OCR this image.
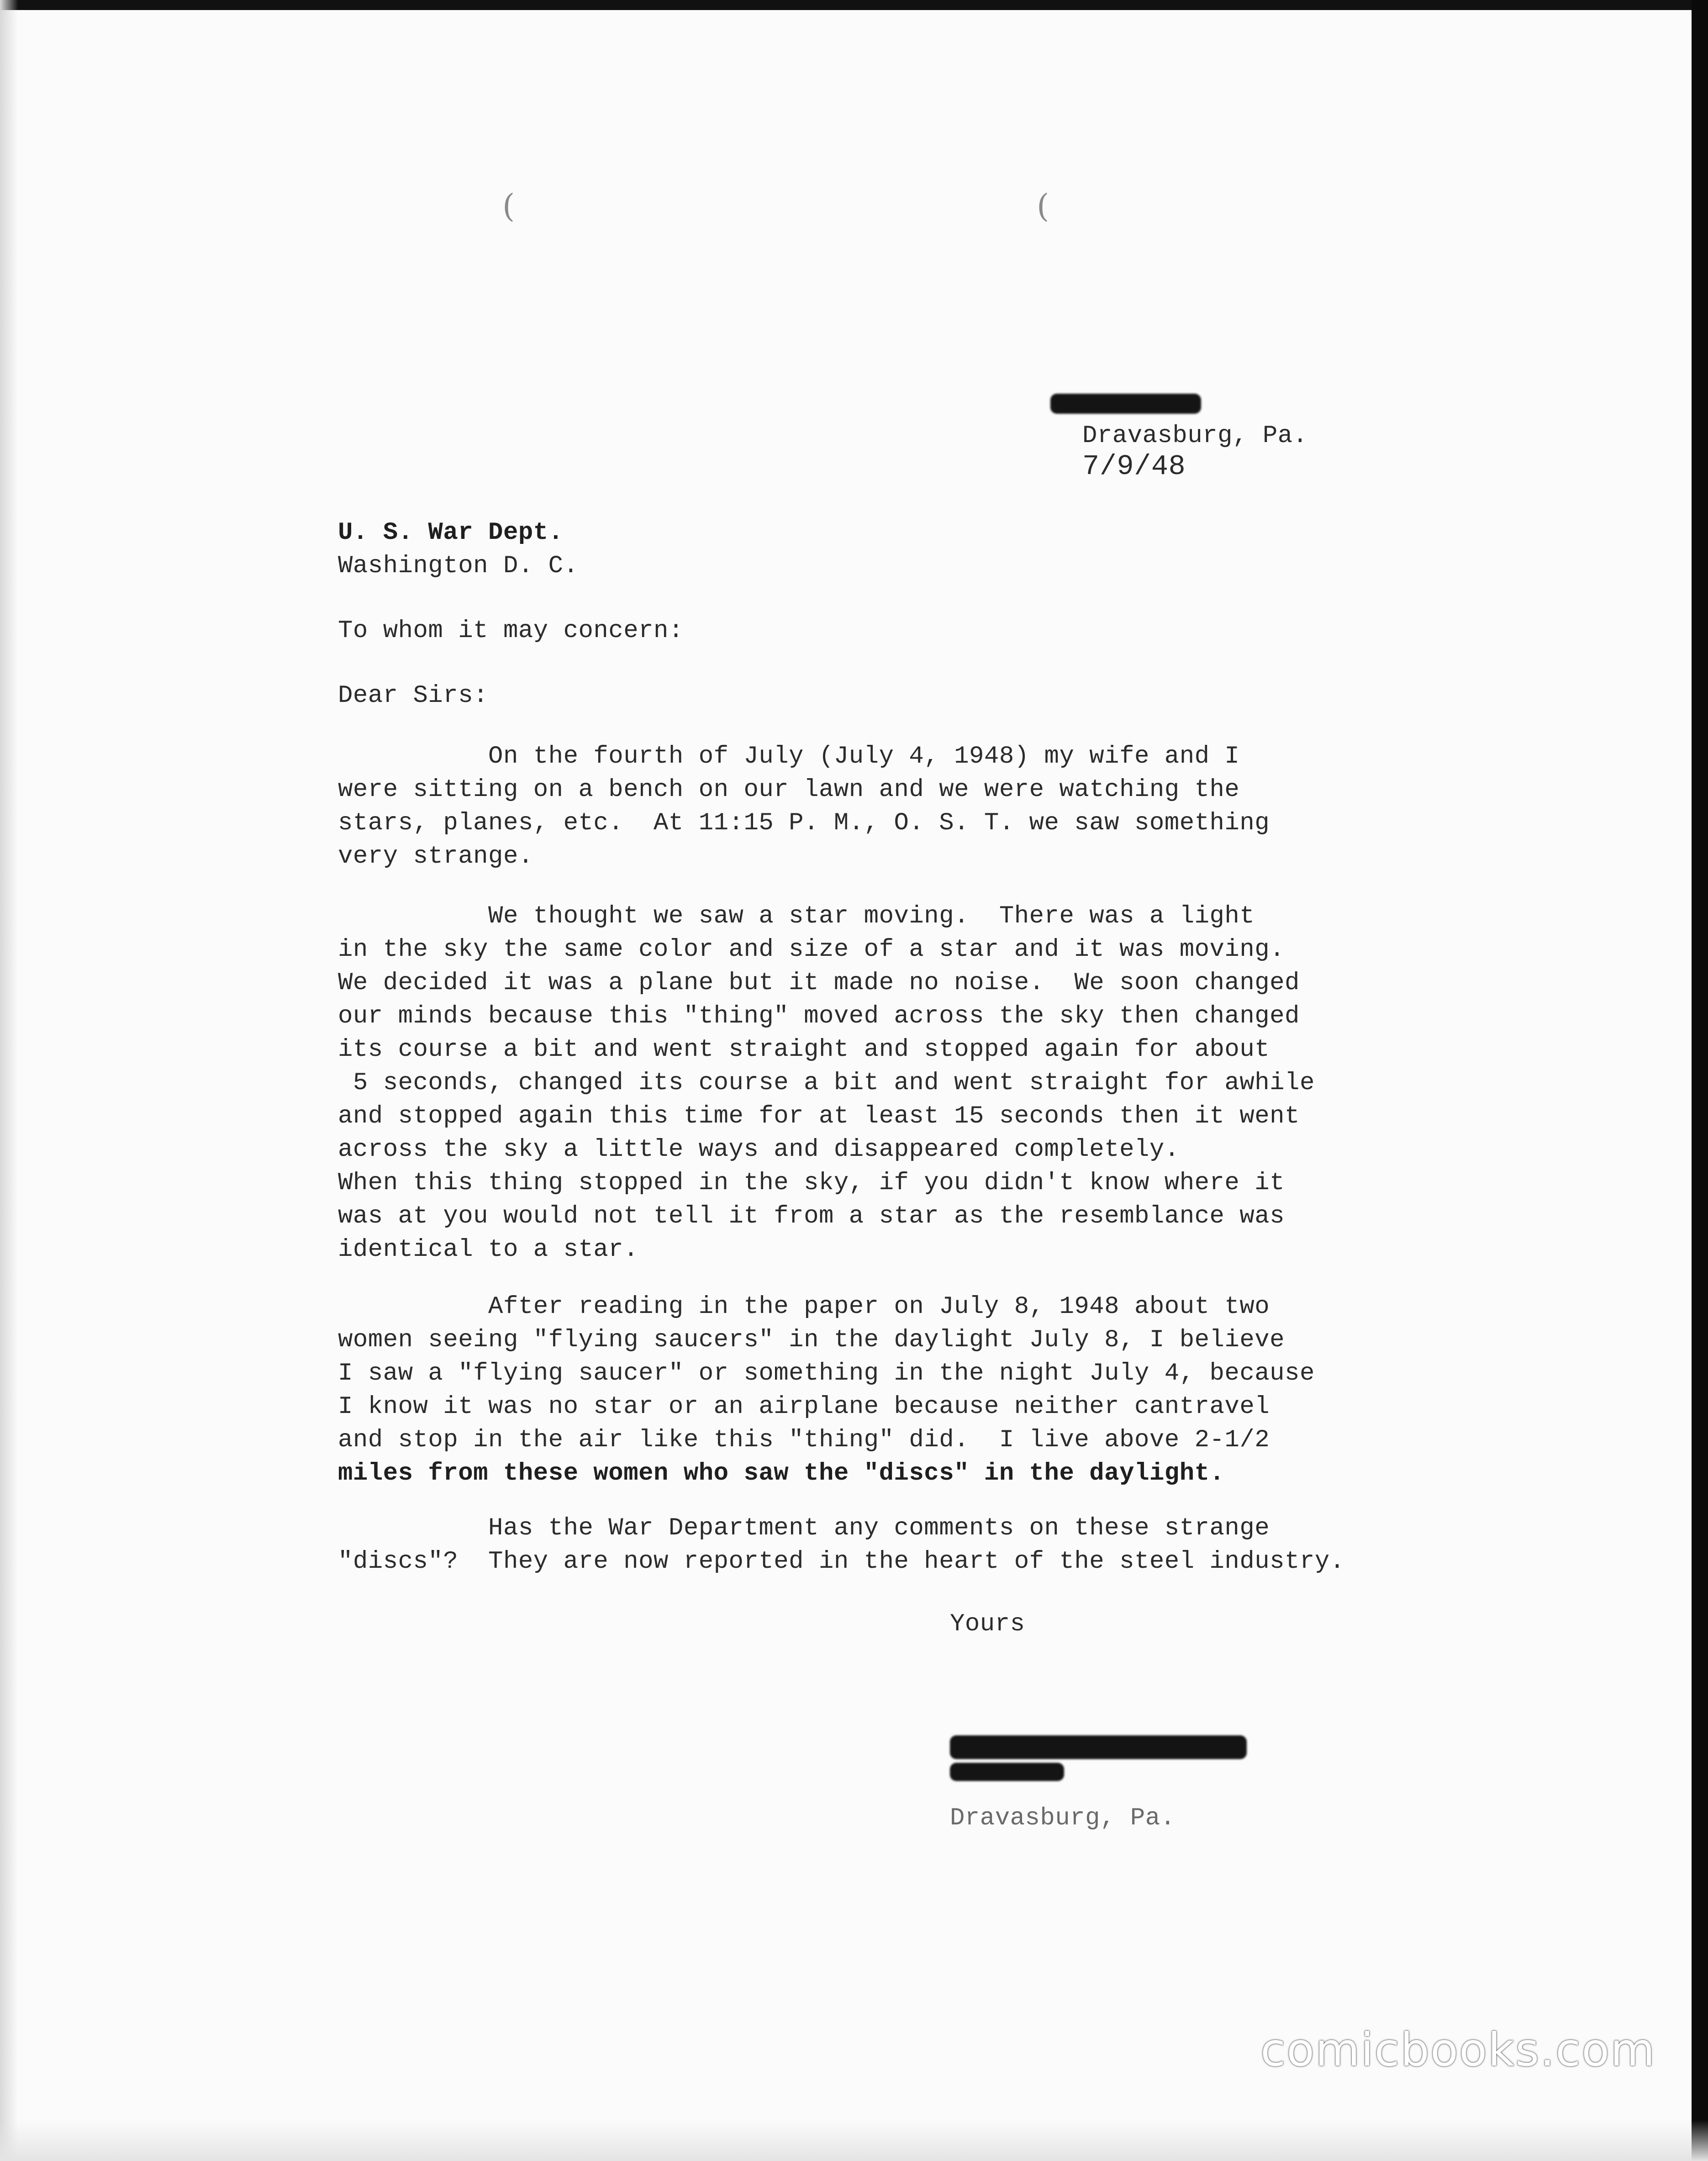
(	(
Dravasburg, Pa.
7/9/48
U. S. War Dept.
Washington D. C.
To whom it may concern:
Dear Sirs:
On the fourth of July (July 4, 1948) my wife and I
were sitting on a bench on our lawn and we were watching the
stars, planes, etc.  At 11:15 P. M., O. S. T. we saw something
very strange.
We thought we saw a star moving.  There was a light
in the sky the same color and size of a star and it was moving.
We decided it was a plane but it made no noise.  We soon changed
our minds because this "thing" moved across the sky then changed
its course a bit and went straight and stopped again for about
5 seconds, changed its course a bit and went straight for awhile
and stopped again this time for at least 15 seconds then it went
across the sky a little ways and disappeared completely.
When this thing stopped in the sky, if you didn't know where it
was at you would not tell it from a star as the resemblance was
identical to a star.
After reading in the paper on July 8, 1948 about two
women seeing "flying saucers" in the daylight July 8, I believe
I saw a "flying saucer" or something in the night July 4, because
I know it was no star or an airplane because neither cantravel
and stop in the air like this "thing" did.  I live above 2-1/2
miles from these women who saw the "discs" in the daylight.
Has the War Department any comments on these strange
"discs"?  They are now reported in the heart of the steel industry.
Yours
Dravasburg, Pa.
comicbooks.com
